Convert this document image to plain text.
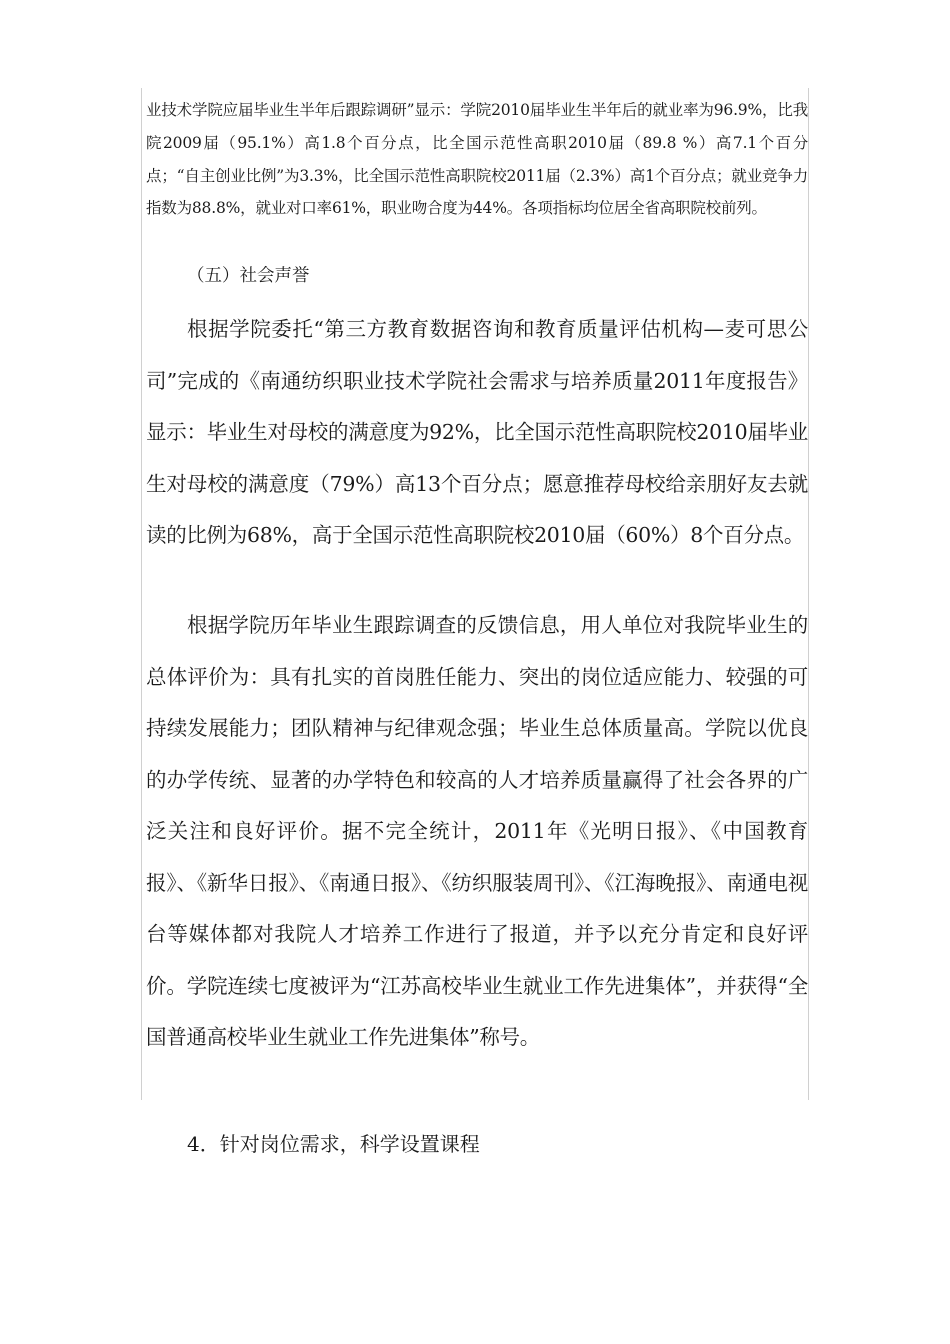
业技术学院应届毕业生半年后跟踪调研”显示：学院2010届毕业生半年后的就业率为96.9%，比我院2009届（95.1%）高1.8个百分点，比全国示范性高职2010届（89.8 %）高7.1个百分点；“自主创业比例”为3.3%，比全国示范性高职院校2011届（2.3%）高1个百分点；就业竞争力指数为88.8%，就业对口率61%，职业吻合度为44%。各项指标均位居全省高职院校前列。

（五）社会声誉

根据学院委托“第三方教育数据咨询和教育质量评估机构—麦可思公司”完成的《南通纺织职业技术学院社会需求与培养质量2011年度报告》显示：毕业生对母校的满意度为92%，比全国示范性高职院校2010届毕业生对母校的满意度（79%）高13个百分点；愿意推荐母校给亲朋好友去就读的比例为68%，高于全国示范性高职院校2010届（60%）8个百分点。

根据学院历年毕业生跟踪调查的反馈信息，用人单位对我院毕业生的总体评价为：具有扎实的首岗胜任能力、突出的岗位适应能力、较强的可持续发展能力；团队精神与纪律观念强；毕业生总体质量高。学院以优良的办学传统、显著的办学特色和较高的人才培养质量赢得了社会各界的广泛关注和良好评价。据不完全统计，2011年《光明日报》、《中国教育报》、《新华日报》、《南通日报》、《纺织服装周刊》、《江海晚报》、南通电视台等媒体都对我院人才培养工作进行了报道，并予以充分肯定和良好评价。学院连续七度被评为“江苏高校毕业生就业工作先进集体”，并获得“全国普通高校毕业生就业工作先进集体”称号。

4．针对岗位需求，科学设置课程
